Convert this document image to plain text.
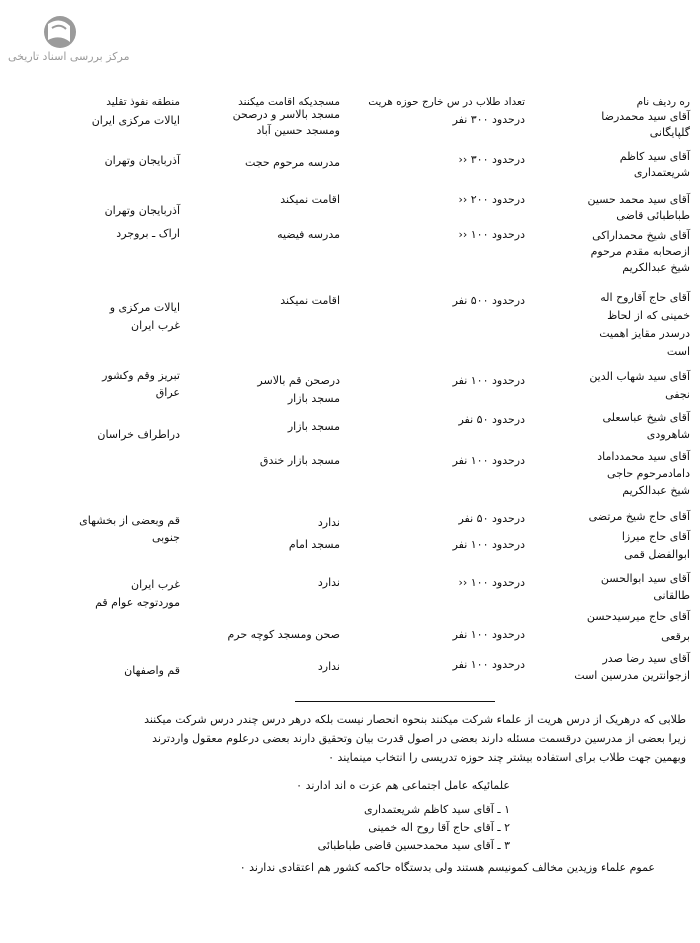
مرکز بررسی اسناد تاریخی
ره ردیف نام
تعداد طلاب در س خارج حوزه هریت
مسجدیکه اقامت میکنند
منطقه نفوذ تقلید
آقای سید محمدرضا
گلپایگانی
درحدود ۳۰۰ نفر
مسجد بالاسر و درصحن
ومسجد حسین آباد
ایالات مرکزی ایران
آقای سید کاظم
شریعتمداری
درحدود ۳۰۰ ‹‹
مدرسه مرحوم حجت
آذربایجان وتهران
آقای سید محمد حسین
طباطبائی قاضی
درحدود ۲۰۰ ‹‹
اقامت نمیکند
آذربایجان وتهران
آقای شیخ محمداراکی
ازصحابه مقدم مرحوم
شیخ عبدالکریم
درحدود ۱۰۰ ‹‹
مدرسه فیضیه
اراک ـ بروجرد
آقای حاج آقاروح اله
خمینی که از لحاظ
درسدر مقایز اهمیت
است
درحدود ۵۰۰ نفر
اقامت نمیکند
ایالات مرکزی و
غرب ایران
آقای سید شهاب الدین
نجفی
درحدود ۱۰۰ نفر
درصحن قم بالاسر
مسجد بازار
تبریز وقم وکشور
عراق
آقای شیخ عباسعلی
شاهرودی
درحدود ۵۰ نفر
مسجد بازار
دراطراف خراسان
آقای سید محمدداماد
دامادمرحوم حاجی
شیخ عبدالکریم
درحدود ۱۰۰ نفر
مسجد بازار خندق
آقای حاج شیخ مرتضی
درحدود ۵۰ نفر
ندارد
قم وبعضی از بخشهای
جنوبی	آقای حاج میرزا
ابوالفضل قمی
درحدود ۱۰۰ نفر
مسجد امام
آقای سید ابوالحسن
طالقانی
درحدود ۱۰۰ ‹‹
ندارد
غرب ایران
موردتوجه عوام قم
آقای حاج میرسیدحسن
برقعی
درحدود ۱۰۰ نفر
صحن ومسجد کوچه حرم
آقای سید رضا صدر
ازجوانترین مدرسین است
درحدود ۱۰۰ نفر
ندارد
قم واصفهان
طلابی که درهریک از درس هریت از علماء شرکت میکنند بنحوه انحصار نیست بلکه درهر درس چندر درس شرکت میکنند
زیرا بعضی از مدرسین درقسمت مسئله دارند بعضی در اصول قدرت بیان وتحقیق دارند بعضی درعلوم معقول واردترند
وبهمین جهت طلاب برای استفاده بیشتر چند حوزه تدریسی را انتخاب مینمایند ۰
علمائیکه عامل اجتماعی هم عزت ه اند ادارند ۰
۱ ـ آقای سید کاظم شریعتمداری
۲ ـ آقای حاج آقا روح اله خمینی
۳ ـ آقای سید محمدحسین قاضی طباطبائی
عموم علماء وزیدین مخالف کمونیسم هستند ولی بدستگاه حاکمه کشور هم اعتقادی ندارند ۰
